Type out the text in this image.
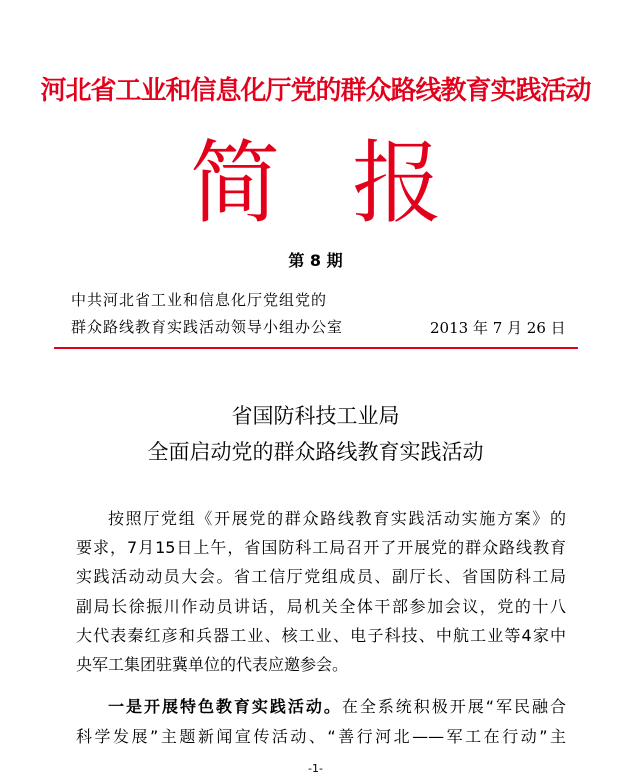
河北省工业和信息化厅党的群众路线教育实践活动
简 报
第 8 期
中共河北省工业和信息化厅党组党的
群众路线教育实践活动领导小组办公室	2013 年 7 月 26 日
省国防科技工业局
全面启动党的群众路线教育实践活动
按照厅党组《开展党的群众路线教育实践活动实施方案》的
要求，7月15日上午，省国防科工局召开了开展党的群众路线教育
实践活动动员大会。省工信厅党组成员、副厅长、省国防科工局
副局长徐振川作动员讲话，局机关全体干部参加会议，党的十八
大代表秦红彦和兵器工业、核工业、电子科技、中航工业等4家中
央军工集团驻冀单位的代表应邀参会。
一是开展特色教育实践活动。在全系统积极开展“军民融合
科学发展”主题新闻宣传活动、“善行河北——军工在行动”主
-1-
